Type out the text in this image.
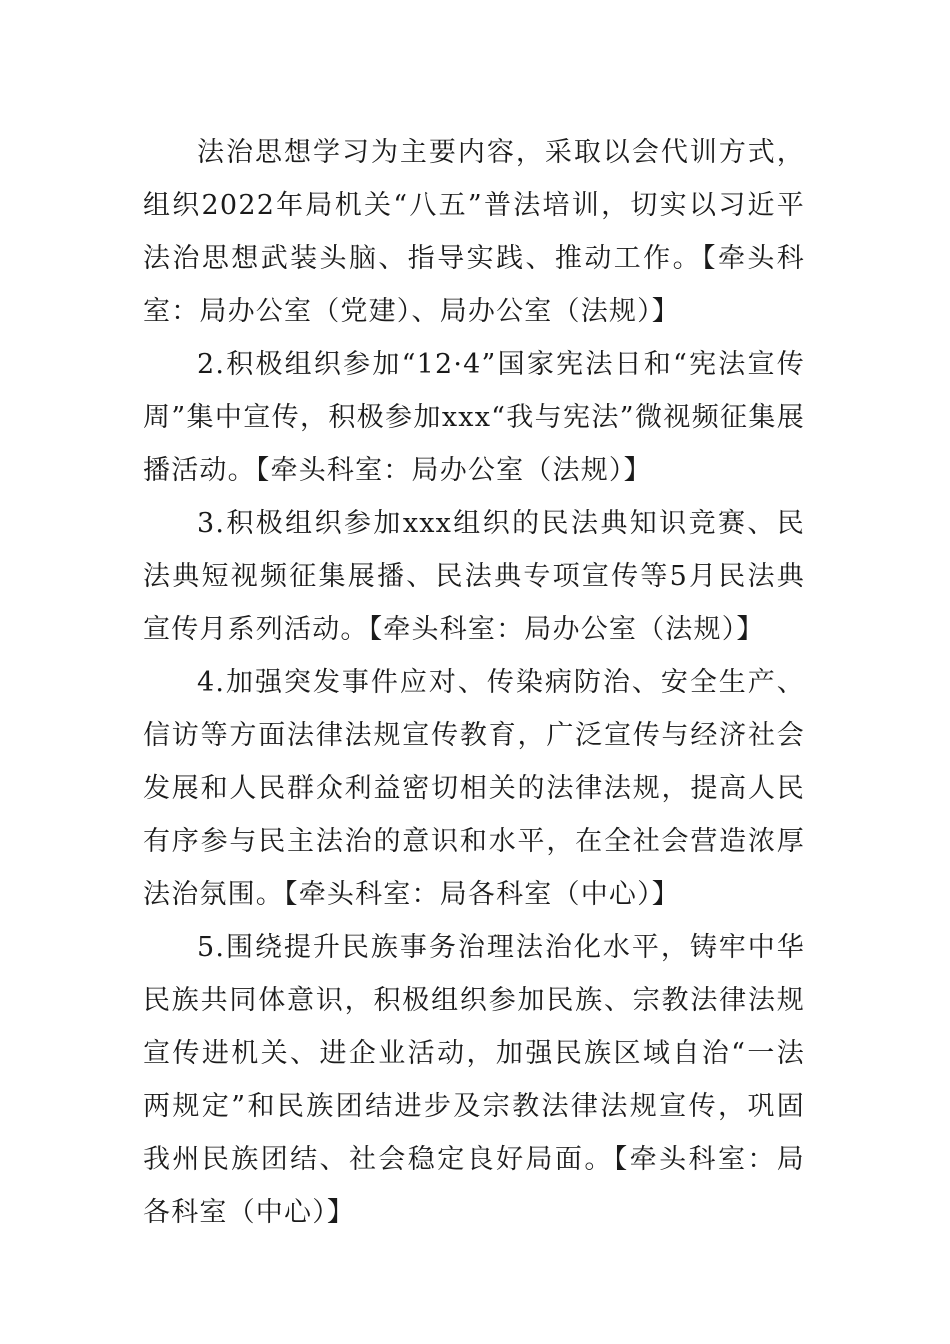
法治思想学习为主要内容，采取以会代训方式，组织2022年局机关“八五”普法培训，切实以习近平法治思想武装头脑、指导实践、推动工作。【牵头科室：局办公室（党建）、局办公室（法规）】

2.积极组织参加“12·4”国家宪法日和“宪法宣传周”集中宣传，积极参加xxx“我与宪法”微视频征集展播活动。【牵头科室：局办公室（法规）】

3.积极组织参加xxx组织的民法典知识竞赛、民法典短视频征集展播、民法典专项宣传等5月民法典宣传月系列活动。【牵头科室：局办公室（法规）】

4.加强突发事件应对、传染病防治、安全生产、信访等方面法律法规宣传教育，广泛宣传与经济社会发展和人民群众利益密切相关的法律法规，提高人民有序参与民主法治的意识和水平，在全社会营造浓厚法治氛围。【牵头科室：局各科室（中心）】

5.围绕提升民族事务治理法治化水平，铸牢中华民族共同体意识，积极组织参加民族、宗教法律法规宣传进机关、进企业活动，加强民族区域自治“一法两规定”和民族团结进步及宗教法律法规宣传，巩固我州民族团结、社会稳定良好局面。【牵头科室：局各科室（中心）】
